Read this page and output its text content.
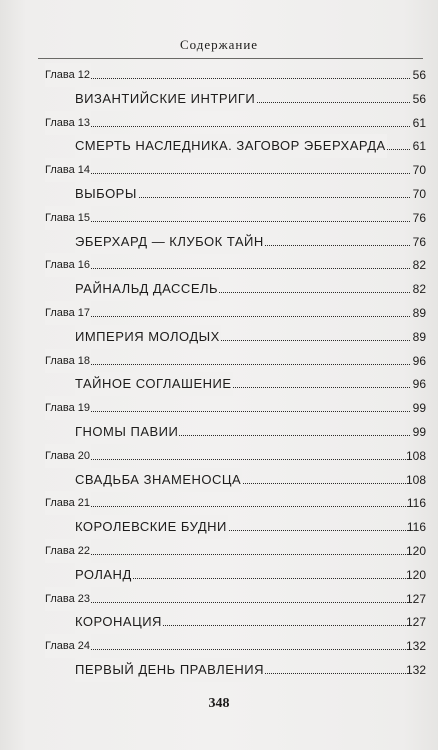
Содержание
Глава 12	56
ВИЗАНТИЙСКИЕ ИНТРИГИ	56
Глава 13	61
СМЕРТЬ НАСЛЕДНИКА. ЗАГОВОР ЭБЕРХАРДА 61
Глава 14	70
ВЫБОРЫ	70
Глава 15	76
ЭБЕРХАРД — КЛУБОК ТАЙН	76
Глава 16	82
РАЙНАЛЬД ДАССЕЛЬ	82
Глава 17	89
ИМПЕРИЯ МОЛОДЫХ	89
Глава 18	96
ТАЙНОЕ СОГЛАШЕНИЕ	96
Глава 19	99
ГНОМЫ ПАВИИ	99
Глава 20	108
СВАДЬБА ЗНАМЕНОСЦА	108
Глава 21	116
КОРОЛЕВСКИЕ БУДНИ	116
Глава 22	120
РОЛАНД	120
Глава 23	127
КОРОНАЦИЯ	127
Глава 24	132
ПЕРВЫЙ ДЕНЬ ПРАВЛЕНИЯ	132
348
